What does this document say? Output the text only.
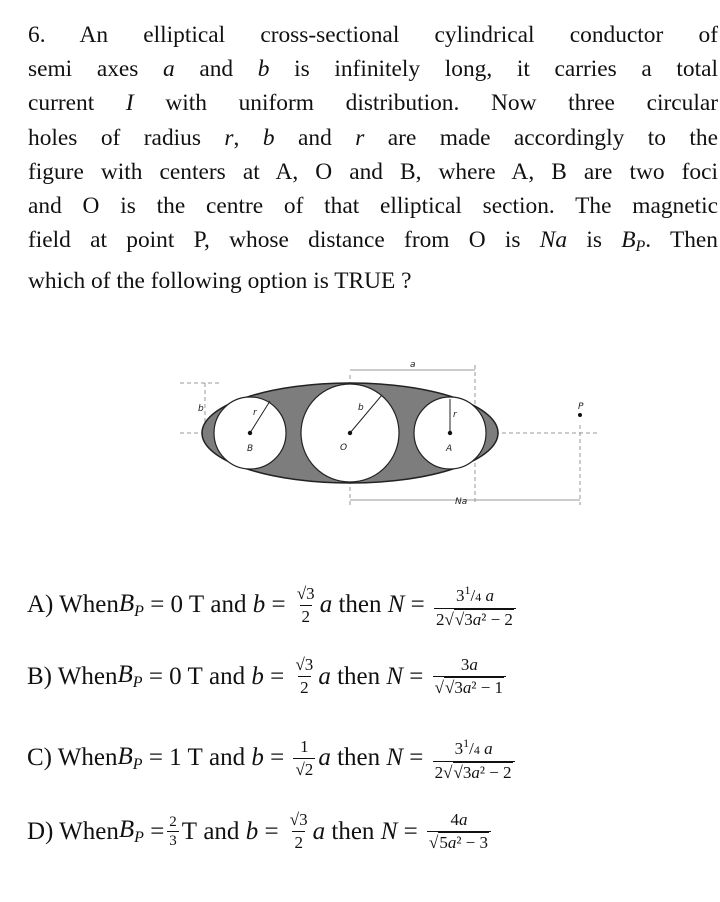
6. An elliptical cross-sectional cylindrical conductor of
semi axes a and b is infinitely long, it carries a total
current I with uniform distribution. Now three circular
holes of radius r, b and r are made accordingly to the
figure with centers at A, O and B, where A, B are two foci
and O is the centre of that elliptical section. The magnetic
field at point P, whose distance from O is Na is BP. Then
which of the following option is TRUE ?
a
b	r	b
r
O	A
B
P
Na
A) When $B_P = 0$ T and $b = \frac{√3}{2}$ a then $N = \frac{3^1/4 a}{\text{2√√3a² − 2}}$
B) When $B_P = 0$ T and $b = \frac{√3}{2}$ a then $N = \frac{3a}{\text{√√3a² − 1}}$
C) When $B_P = 1$ T and $b = \frac{1}{√2}$ a then $N = \frac{3^1/4 a}{\text{2√√3a² − 2}}$
D) When $B_P = \frac{2}{3}$ T and $b = \frac{√3}{2}$ a then $N = \frac{4a}{\text{√5a² − 3}}$
